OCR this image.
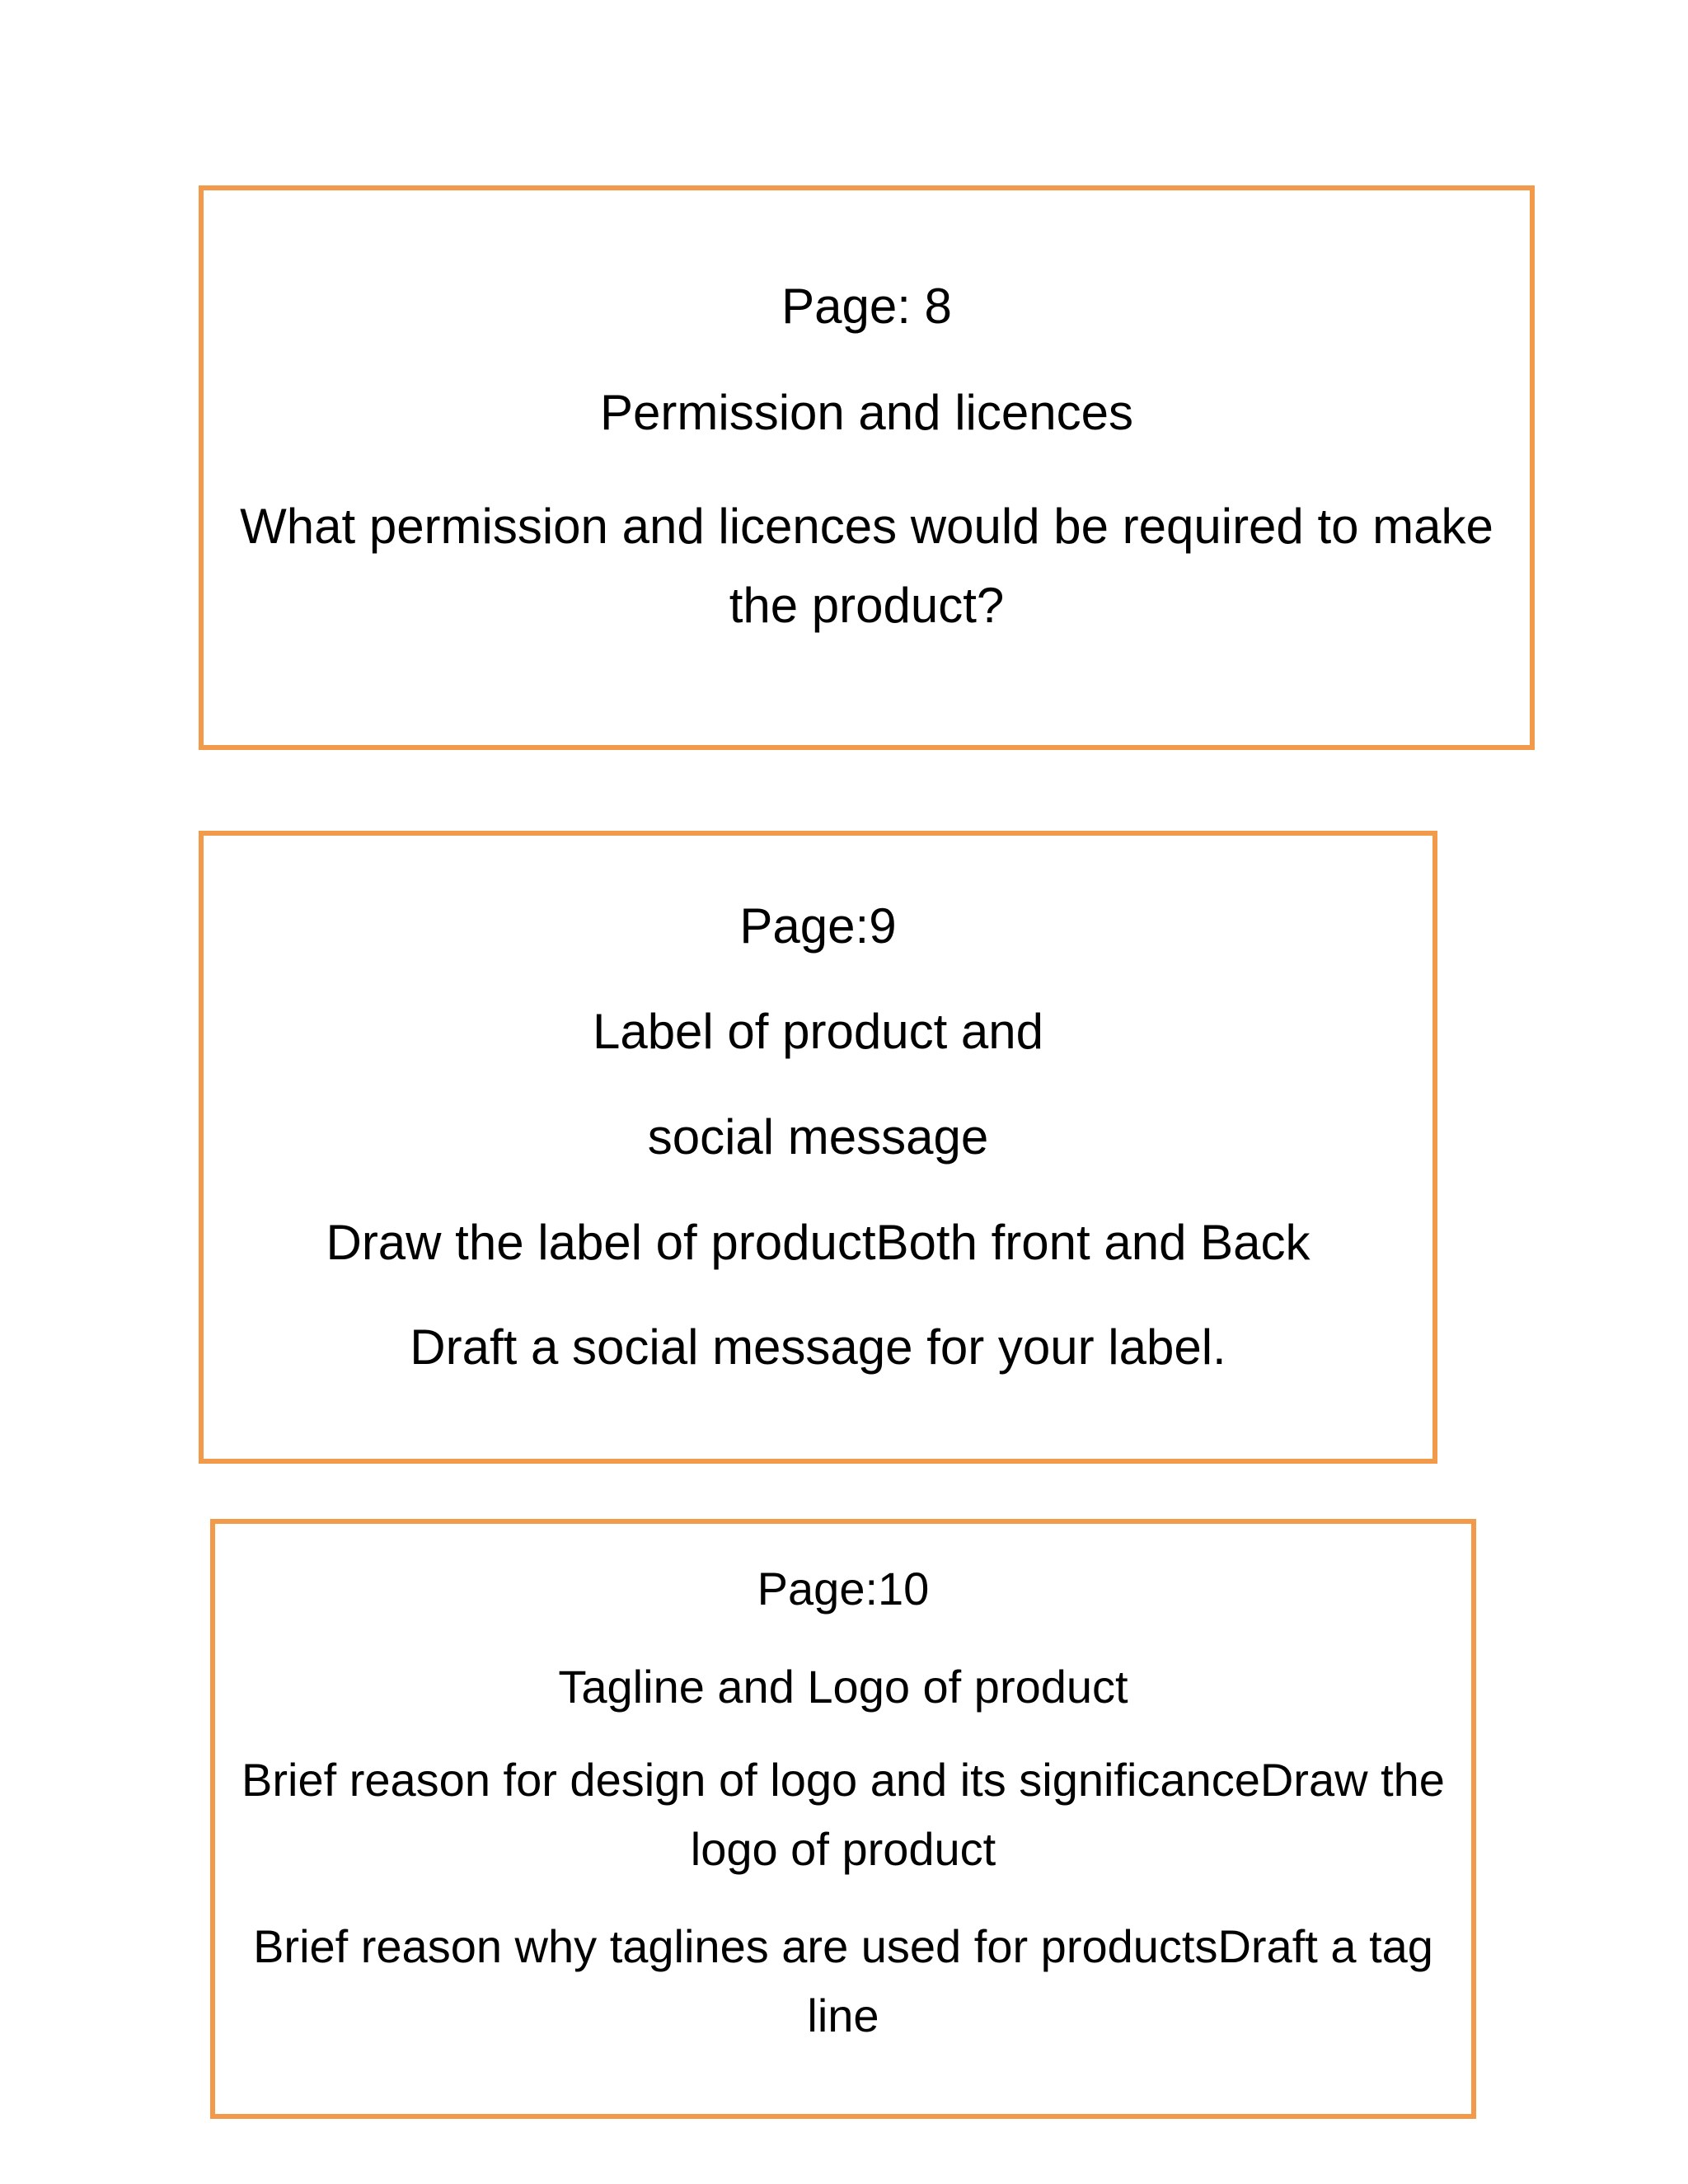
Page: 8
Permission and licences
What permission and licences would be required to make the product?
Page:9
Label of product and
social message
Draw the label of productBoth front and Back
Draft a social message for your label.
Page:10
Tagline and Logo of product
Brief reason for design of logo and its significanceDraw the logo of product
Brief reason why taglines are used for productsDraft a tag line
